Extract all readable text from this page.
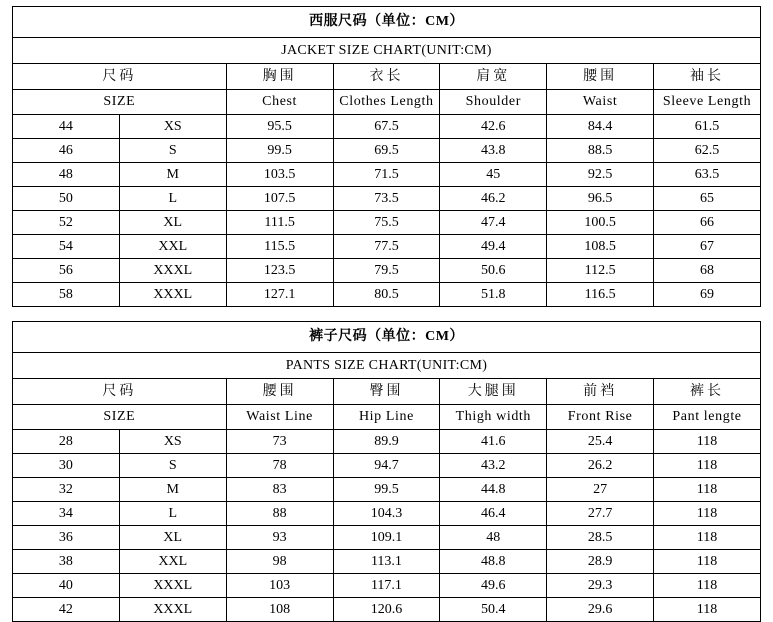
西服尺码（单位：CM）						
JACKET SIZE CHART(UNIT:CM)						
尺码		胸围	衣长	肩宽	腰围	袖长
SIZE		Chest	Clothes Length	Shoulder	Waist	Sleeve Length
44	XS	95.5	67.5	42.6	84.4	61.5
46	S	99.5	69.5	43.8	88.5	62.5
48	M	103.5	71.5	45	92.5	63.5
50	L	107.5	73.5	46.2	96.5	65
52	XL	111.5	75.5	47.4	100.5	66
54	XXL	115.5	77.5	49.4	108.5	67
56	XXXL	123.5	79.5	50.6	112.5	68
58	XXXL	127.1	80.5	51.8	116.5	69
裤子尺码（单位：CM）						
PANTS SIZE CHART(UNIT:CM)						
尺码		腰围	臀围	大腿围	前裆	裤长
SIZE		Waist Line	Hip Line	Thigh width	Front Rise	Pant lengte
28	XS	73	89.9	41.6	25.4	118
30	S	78	94.7	43.2	26.2	118
32	M	83	99.5	44.8	27	118
34	L	88	104.3	46.4	27.7	118
36	XL	93	109.1	48	28.5	118
38	XXL	98	113.1	48.8	28.9	118
40	XXXL	103	117.1	49.6	29.3	118
42	XXXL	108	120.6	50.4	29.6	118
